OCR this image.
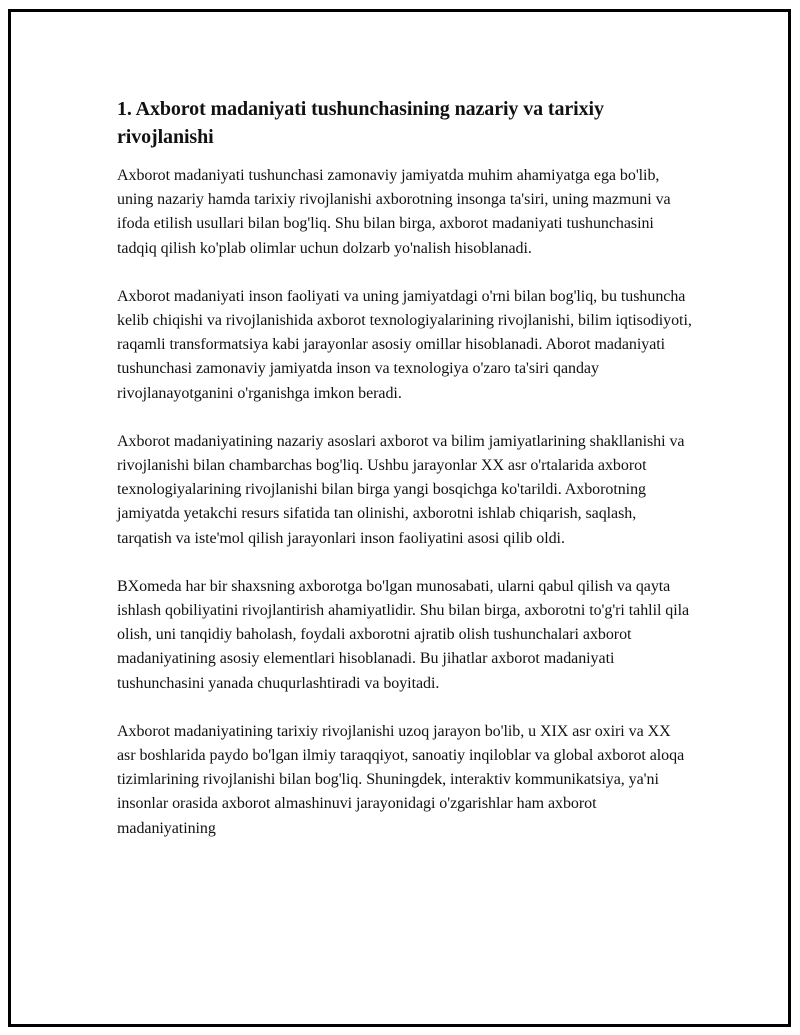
1. Axborot madaniyati tushunchasining nazariy va tarixiy rivojlanishi

Axborot madaniyati tushunchasi zamonaviy jamiyatda muhim ahamiyatga ega bo'lib, uning nazariy hamda tarixiy rivojlanishi axborotning insonga ta'siri, uning mazmuni va ifoda etilish usullari bilan bog'liq. Shu bilan birga, axborot madaniyati tushunchasini tadqiq qilish ko'plab olimlar uchun dolzarb yo'nalish hisoblanadi.

Axborot madaniyati inson faoliyati va uning jamiyatdagi o'rni bilan bog'liq, bu tushuncha kelib chiqishi va rivojlanishida axborot texnologiyalarining rivojlanishi, bilim iqtisodiyoti, raqamli transformatsiya kabi jarayonlar asosiy omillar hisoblanadi. Aborot madaniyati tushunchasi zamonaviy jamiyatda inson va texnologiya o'zaro ta'siri qanday rivojlanayotganini o'rganishga imkon beradi.

Axborot madaniyatining nazariy asoslari axborot va bilim jamiyatlarining shakllanishi va rivojlanishi bilan chambarchas bog'liq. Ushbu jarayonlar XX asr o'rtalarida axborot texnologiyalarining rivojlanishi bilan birga yangi bosqichga ko'tarildi. Axborotning jamiyatda yetakchi resurs sifatida tan olinishi, axborotni ishlab chiqarish, saqlash, tarqatish va iste'mol qilish jarayonlari inson faoliyatini asosi qilib oldi.

BXomeda har bir shaxsning axborotga bo'lgan munosabati, ularni qabul qilish va qayta ishlash qobiliyatini rivojlantirish ahamiyatlidir. Shu bilan birga, axborotni to'g'ri tahlil qila olish, uni tanqidiy baholash, foydali axborotni ajratib olish tushunchalari axborot madaniyatining asosiy elementlari hisoblanadi. Bu jihatlar axborot madaniyati tushunchasini yanada chuqurlashtiradi va boyitadi.

Axborot madaniyatining tarixiy rivojlanishi uzoq jarayon bo'lib, u XIX asr oxiri va XX asr boshlarida paydo bo'lgan ilmiy taraqqiyot, sanoatiy inqiloblar va global axborot aloqa tizimlarining rivojlanishi bilan bog'liq. Shuningdek, interaktiv kommunikatsiya, ya'ni insonlar orasida axborot almashinuvi jarayonidagi o'zgarishlar ham axborot madaniyatining
